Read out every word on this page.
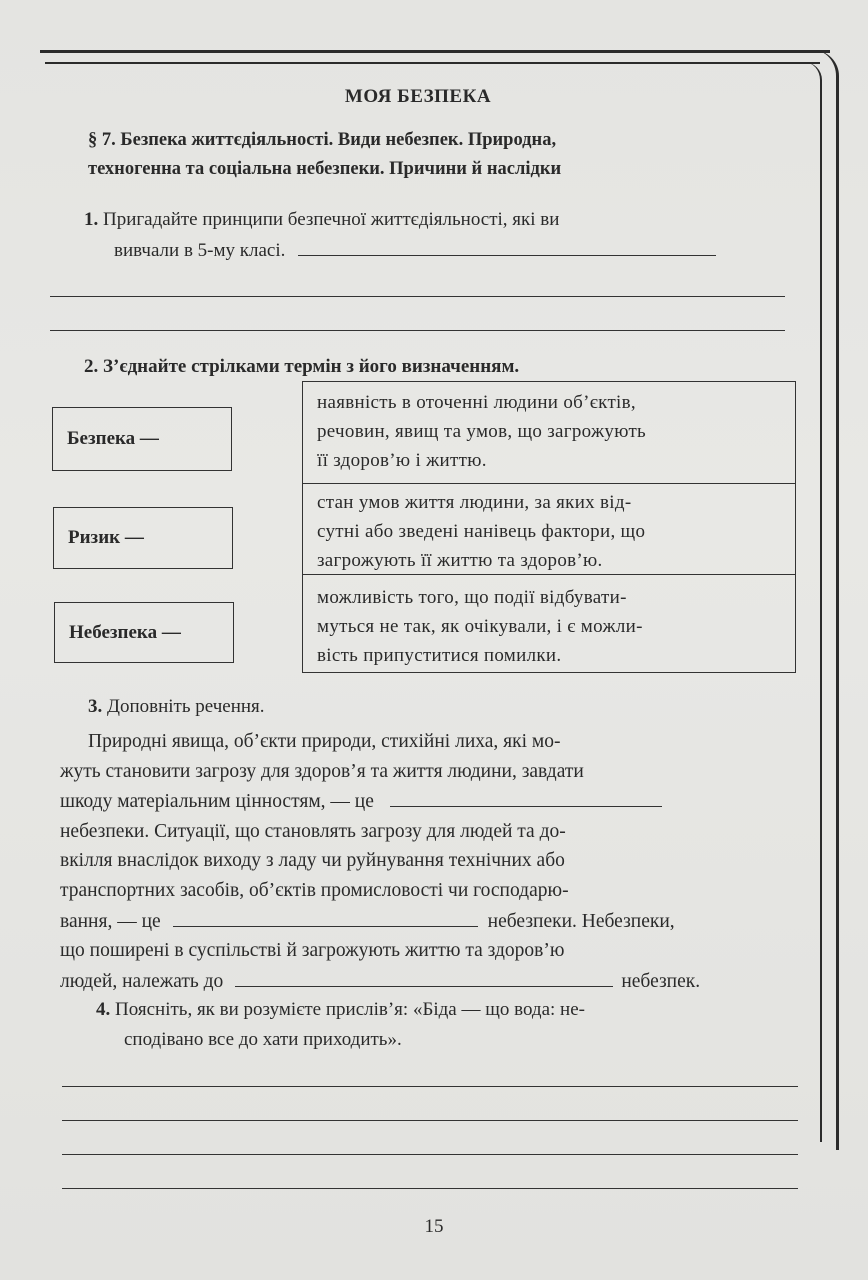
МОЯ БЕЗПЕКА
§ 7. Безпека життєдіяльності. Види небезпек. Природна,
техногенна та соціальна небезпеки. Причини й наслідки
1. Пригадайте принципи безпечної життєдіяльності, які ви
вивчали в 5-му класі.
2. З’єднайте стрілками термін з його визначенням.
Безпека —
Ризик —
Небезпека —
наявність в оточенні людини об’єктів,
речовин, явищ та умов, що загрожують
її здоров’ю і життю.
стан умов життя людини, за яких від-
сутні або зведені нанівець фактори, що
загрожують її життю та здоров’ю.
можливість того, що події відбувати-
муться не так, як очікували, і є можли-
вість припуститися помилки.
3. Доповніть речення.
Природні явища, об’єкти природи, стихійні лиха, які мо-
жуть становити загрозу для здоров’я та життя людини, завдати
шкоду матеріальним цінностям, — це
небезпеки. Ситуації, що становлять загрозу для людей та до-
вкілля внаслідок виходу з ладу чи руйнування технічних або
транспортних засобів, об’єктів промисловості чи господарю-
вання, — це	небезпеки. Небезпеки,
що поширені в суспільстві й загрожують життю та здоров’ю
людей, належать до	небезпек.
4. Поясніть, як ви розумієте прислів’я: «Біда — що вода: не-
сподівано все до хати приходить».
15
